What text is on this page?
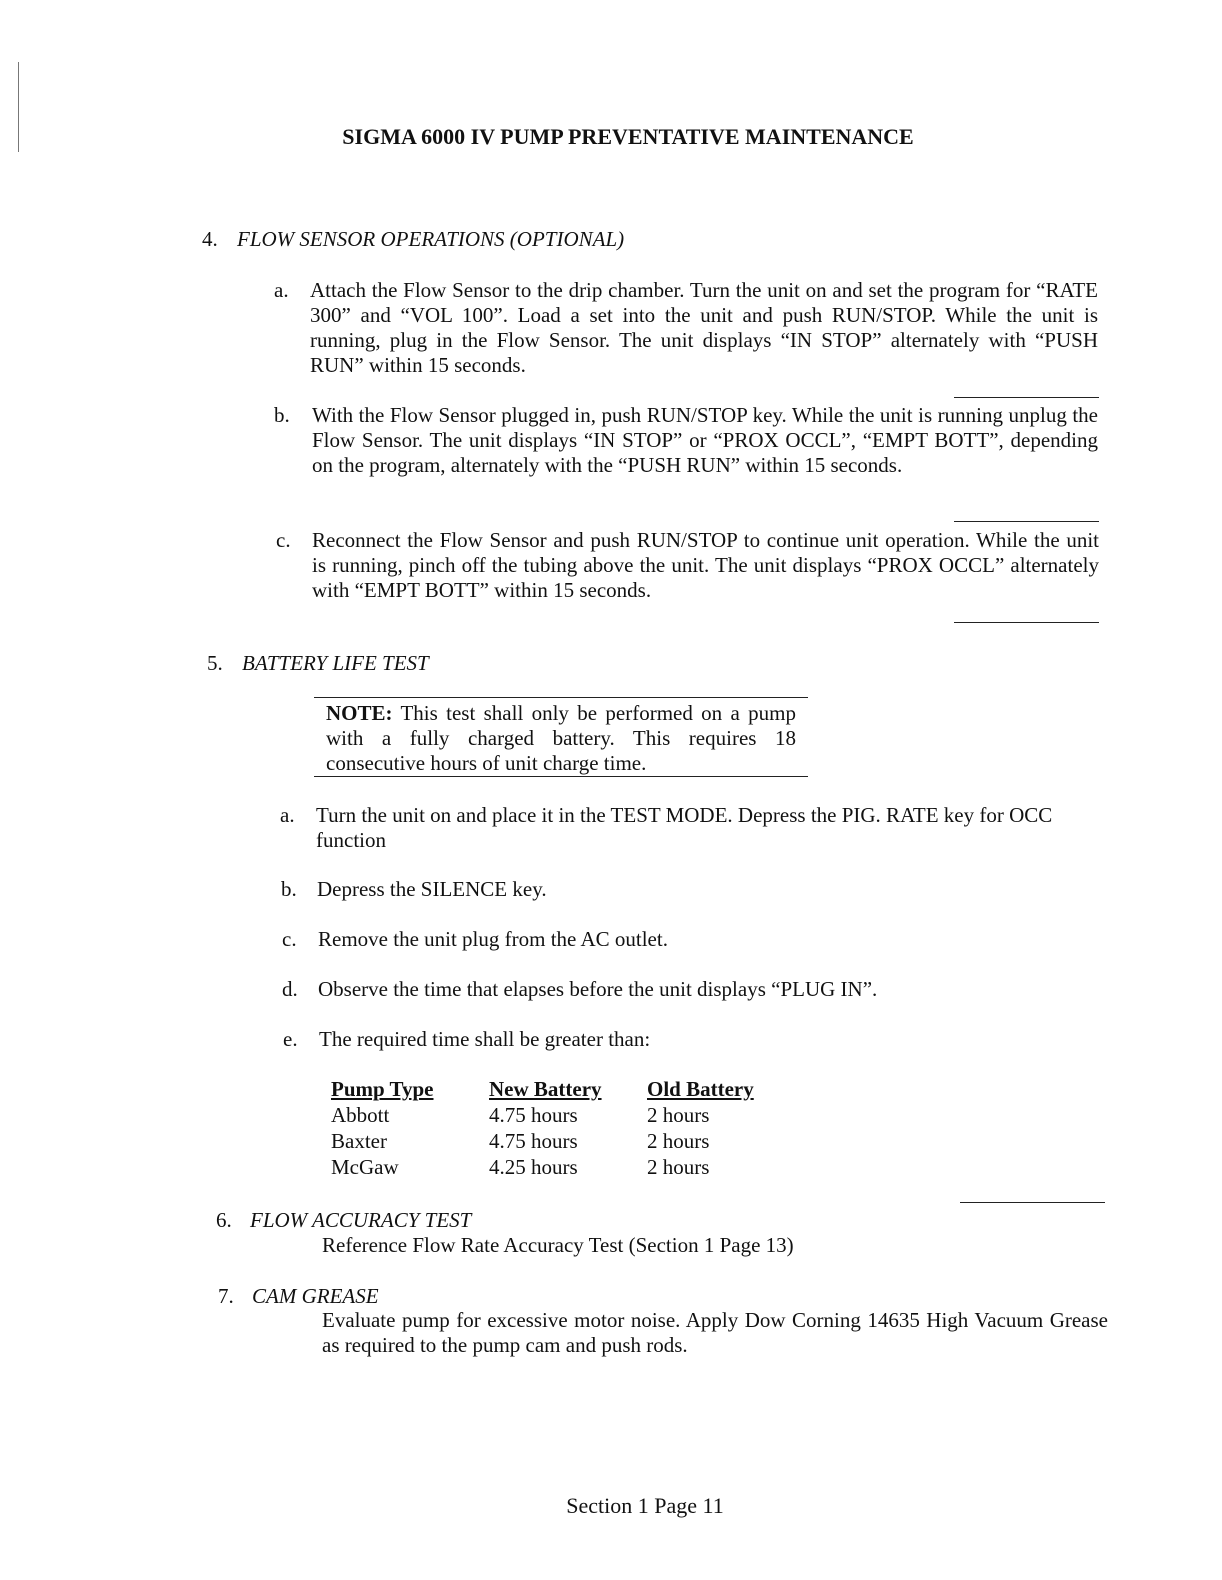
SIGMA 6000 IV PUMP PREVENTATIVE MAINTENANCE
4. FLOW SENSOR OPERATIONS (OPTIONAL)
a.	Attach the Flow Sensor to the drip chamber. Turn the unit on and set the program for “RATE 300” and “VOL 100”. Load a set into the unit and push RUN/STOP. While the unit is running, plug in the Flow Sensor. The unit displays “IN STOP” alternately with “PUSH RUN” within 15 seconds.
b.	With the Flow Sensor plugged in, push RUN/STOP key. While the unit is running unplug the Flow Sensor. The unit displays “IN STOP” or “PROX OCCL”, “EMPT BOTT”, depending on the program, alternately with the “PUSH RUN” within 15 seconds.
c.	Reconnect the Flow Sensor and push RUN/STOP to continue unit operation. While the unit is running, pinch off the tubing above the unit. The unit displays “PROX OCCL” alternately with “EMPT BOTT” within 15 seconds.
5. BATTERY LIFE TEST
NOTE: This test shall only be performed on a pump with a fully charged battery. This requires 18 consecutive hours of unit charge time.
a.	Turn the unit on and place it in the TEST MODE. Depress the PIG. RATE key for OCC function
b. Depress the SILENCE key.
c.	Remove the unit plug from the AC outlet.
d. Observe the time that elapses before the unit displays “PLUG IN”.
e.	The required time shall be greater than:
Pump Type	New Battery	Old Battery
Abbott	4.75 hours	2 hours
Baxter	4.75 hours	2 hours
McGaw	4.25 hours	2 hours
6. FLOW ACCURACY TEST
Reference Flow Rate Accuracy Test (Section 1 Page 13)
7. CAM GREASE
Evaluate pump for excessive motor noise. Apply Dow Corning 14635 High Vacuum Grease as required to the pump cam and push rods.
Section 1 Page 11
